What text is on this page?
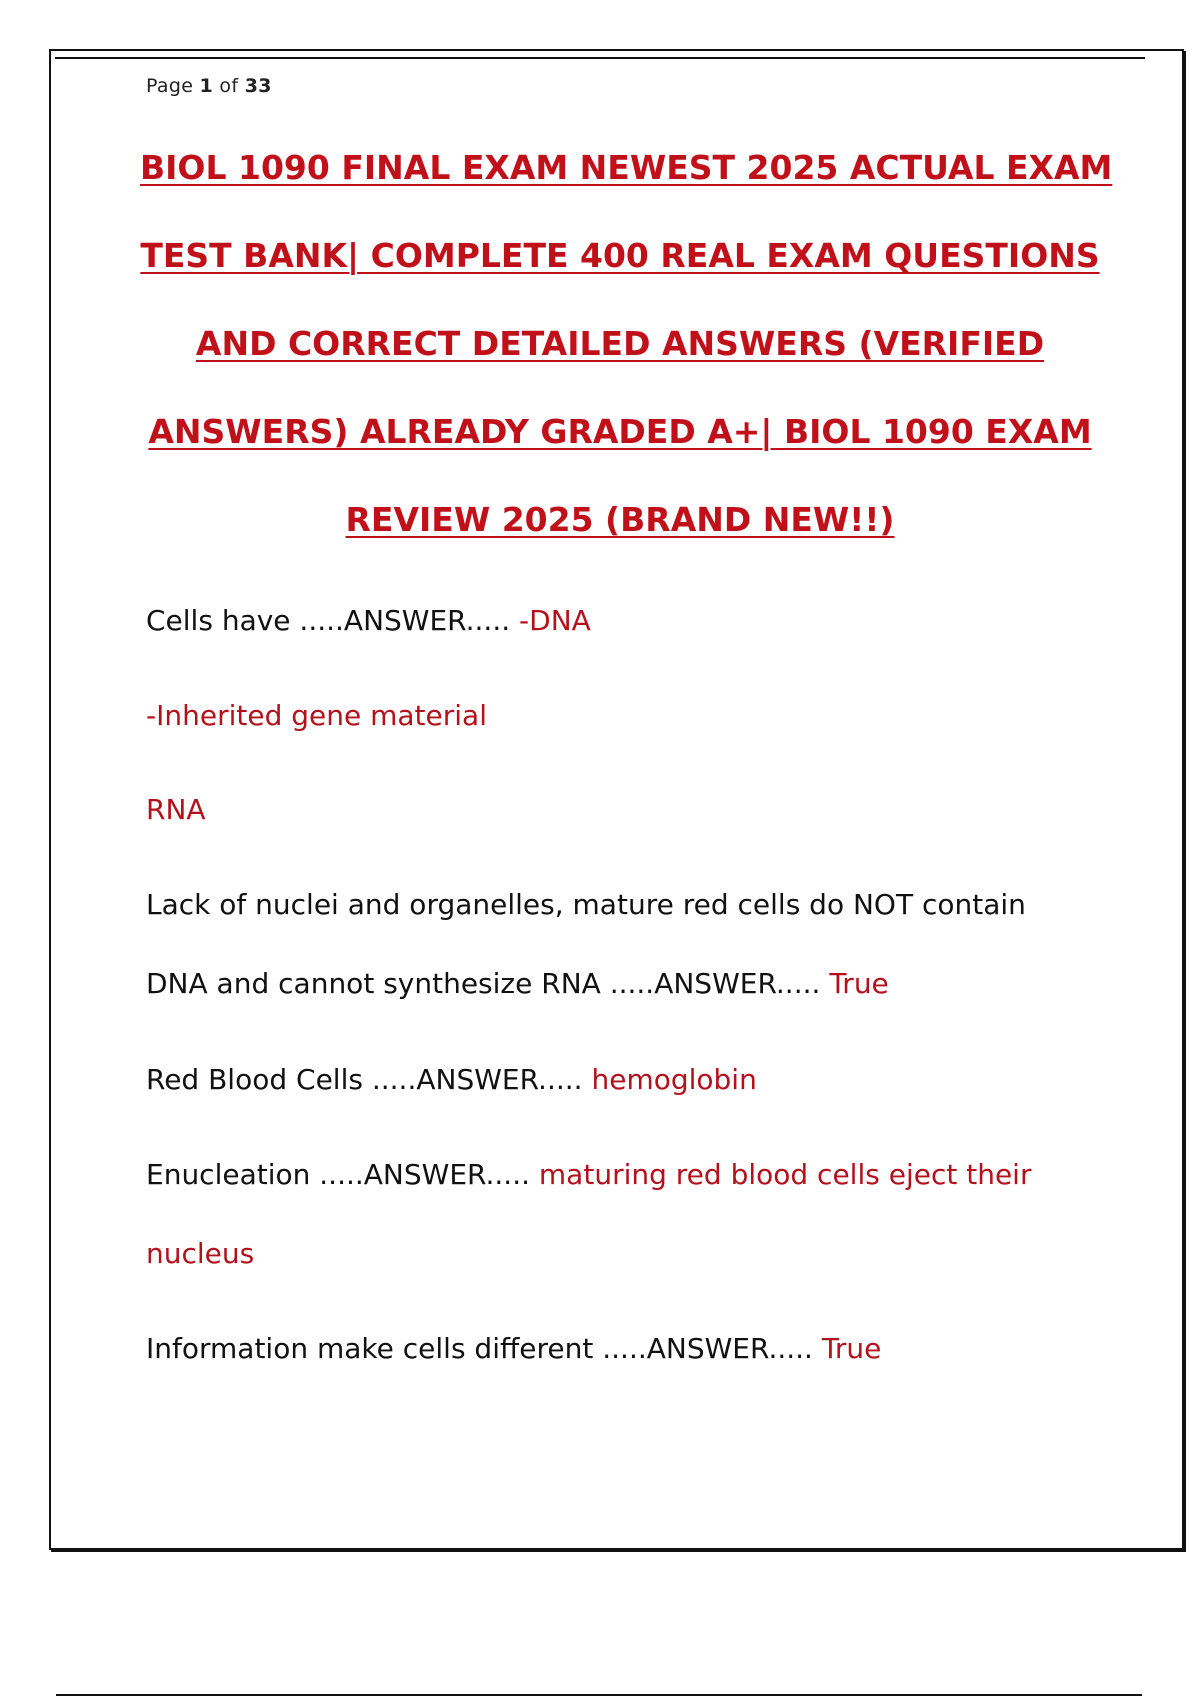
Page 1 of 33
BIOL 1090 FINAL EXAM NEWEST 2025 ACTUAL EXAM
TEST BANK| COMPLETE 400 REAL EXAM QUESTIONS
AND CORRECT DETAILED ANSWERS (VERIFIED
ANSWERS) ALREADY GRADED A+| BIOL 1090 EXAM
REVIEW 2025 (BRAND NEW!!)
Cells have .....ANSWER..... -DNA
-Inherited gene material
RNA
Lack of nuclei and organelles, mature red cells do NOT contain
DNA and cannot synthesize RNA .....ANSWER..... True
Red Blood Cells .....ANSWER..... hemoglobin
Enucleation .....ANSWER..... maturing red blood cells eject their
nucleus
Information make cells different .....ANSWER..... True
